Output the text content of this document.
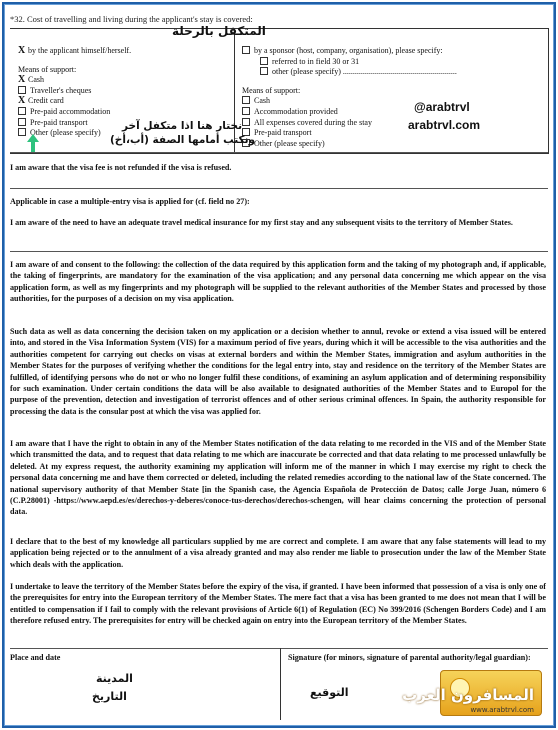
*32. Cost of travelling and living during the applicant's stay is covered:
X by the applicant himself/herself.
Means of support:
X Cash
Traveller's cheques
X Credit card
Pre-paid accommodation
Pre-paid transport
Other (please specify)
by a sponsor (host, company, organisation), please specify:
referred to in field 30 or 31
other (please specify) .........................................................
Means of support:
Cash
Accommodation provided
All expenses covered during the stay
Pre-paid transport
Other (please specify)
المتكفل بالرحلة
نختار هنا اذا متكفل آخر
ونكتب أمامها الصفة (أب،أخ)
@arabtrvl
arabtrvl.com
I am aware that the visa fee is not refunded if the visa is refused.
Applicable in case a multiple-entry visa is applied for (cf. field no 27):
I am aware of the need to have an adequate travel medical insurance for my first stay and any subsequent visits to the territory of Member States.
I am aware of and consent to the following: the collection of the data required by this application form and the taking of my photograph and, if applicable, the taking of fingerprints, are mandatory for the examination of the visa application; and any personal data concerning me which appear on the visa application form, as well as my fingerprints and my photograph will be supplied to the relevant authorities of the Member States and processed by those authorities, for the purposes of a decision on my visa application.
Such data as well as data concerning the decision taken on my application or a decision whether to annul, revoke or extend a visa issued will be entered into, and stored in the Visa Information System (VIS) for a maximum period of five years, during which it will be accessible to the visa authorities and the authorities competent for carrying out checks on visas at external borders and within the Member States, immigration and asylum authorities in the Member States for the purposes of verifying whether the conditions for the legal entry into, stay and residence on the territory of the Member States are fulfilled, of identifying persons who do not or who no longer fulfil these conditions, of examining an asylum application and of determining responsibility for such examination. Under certain conditions the data will be also available to designated authorities of the Member States and to Europol for the purpose of the prevention, detection and investigation of terrorist offences and of other serious criminal offences. In Spain, the authority responsible for processing the data is the consular post at which the visa was applied for.
I am aware that I have the right to obtain in any of the Member States notification of the data relating to me recorded in the VIS and of the Member State which transmitted the data, and to request that data relating to me which are inaccurate be corrected and that data relating to me processed unlawfully be deleted. At my express request, the authority examining my application will inform me of the manner in which I may exercise my right to check the personal data concerning me and have them corrected or deleted, including the related remedies according to the national law of the State concerned. The national supervisory authority of that Member State [in the Spanish case, the Agencia Española de Protección de Datos; calle Jorge Juan, número 6 (C.P.28001) -https://www.aepd.es/es/derechos-y-deberes/conoce-tus-derechos/derechos-schengen, will hear claims concerning the protection of personal data.
I declare that to the best of my knowledge all particulars supplied by me are correct and complete. I am aware that any false statements will lead to my application being rejected or to the annulment of a visa already granted and may also render me liable to prosecution under the law of the Member State which deals with the application.
I undertake to leave the territory of the Member States before the expiry of the visa, if granted. I have been informed that possession of a visa is only one of the prerequisites for entry into the European territory of the Member States. The mere fact that a visa has been granted to me does not mean that I will be entitled to compensation if I fail to comply with the relevant provisions of Article 6(1) of Regulation (EC) No 399/2016 (Schengen Borders Code) and I am therefore refused entry. The prerequisites for entry will be checked again on entry into the European territory of the Member States.
Place and date	Signature (for minors, signature of parental authority/legal guardian):
المدينة
التاريخ	التوقيع	المسافرون العرب
www.arabtrvl.com
